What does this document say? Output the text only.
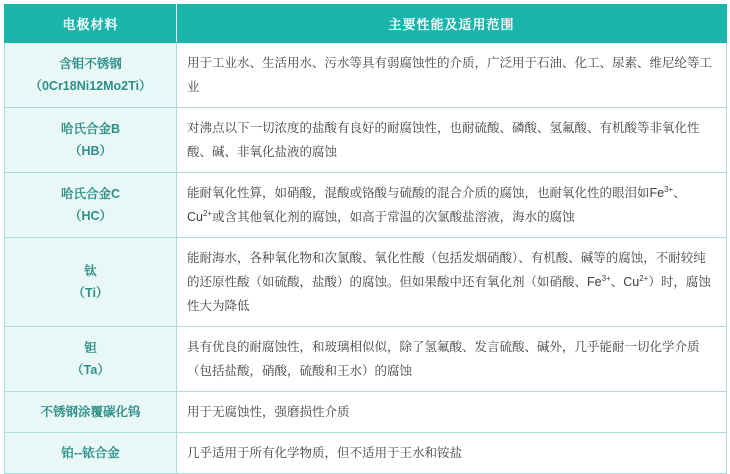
电极材料	主要性能及适用范围
含钼不锈钢
（0Cr18Ni12Mo2Ti）	用于工业水、生活用水、污水等具有弱腐蚀性的介质，广泛用于石油、化工、尿素、维尼纶等工业
哈氏合金B
（HB）	对沸点以下一切浓度的盐酸有良好的耐腐蚀性，也耐硫酸、磷酸、氢氟酸、有机酸等非氧化性酸、碱、非氧化盐液的腐蚀
哈氏合金C
（HC）	能耐氧化性算，如硝酸，混酸或铬酸与硫酸的混合介质的腐蚀，也耐氧化性的眼泪如$Fe^{3+}$、$Cu^{2+}$或含其他氧化剂的腐蚀，如高于常温的次氯酸盐溶液，海水的腐蚀
钛
（Ti）	能耐海水，各种氧化物和次氯酸、氧化性酸（包括发烟硝酸）、有机酸、碱等的腐蚀，不耐较纯的还原性酸（如硫酸，盐酸）的腐蚀。但如果酸中还有氧化剂（如硝酸、$Fe^{3+}$、$Cu^{2+}$）时，腐蚀性大为降低
钽
（Ta）	具有优良的耐腐蚀性，和玻璃相似似，除了氢氟酸、发言硫酸、碱外，几乎能耐一切化学介质（包括盐酸，硝酸，硫酸和王水）的腐蚀
不锈钢涂覆碳化钨	用于无腐蚀性，强磨损性介质
铂--铱合金	几乎适用于所有化学物质，但不适用于王水和铵盐
